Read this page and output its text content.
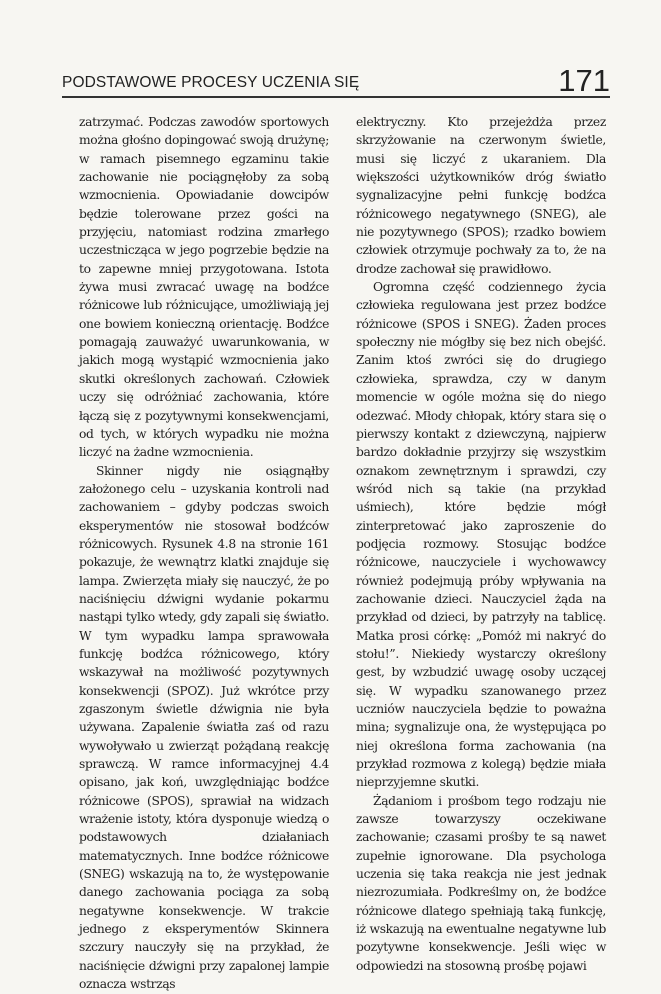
PODSTAWOWE PROCESY UCZENIA SIĘ	171

zatrzymać. Podczas zawodów sportowych można głośno dopingować swoją drużynę; w ramach pisemnego egzaminu takie zachowanie nie pociągnęłoby za sobą wzmocnienia. Opowiadanie dowcipów będzie tolerowane przez gości na przyjęciu, natomiast rodzina zmarłego uczestnicząca w jego pogrzebie będzie na to zapewne mniej przygotowana. Istota żywa musi zwracać uwagę na bodźce różnicowe lub różnicujące, umożliwiają jej one bowiem konieczną orientację. Bodźce pomagają zauważyć uwarunkowania, w jakich mogą wystąpić wzmocnienia jako skutki określonych zachowań. Człowiek uczy się odróżniać zachowania, które łączą się z pozytywnymi konsekwencjami, od tych, w których wypadku nie można liczyć na żadne wzmocnienia.

Skinner nigdy nie osiągnąłby założonego celu – uzyskania kontroli nad zachowaniem – gdyby podczas swoich eksperymentów nie stosował bodźców różnicowych. Rysunek 4.8 na stronie 161 pokazuje, że wewnątrz klatki znajduje się lampa. Zwierzęta miały się nauczyć, że po naciśnięciu dźwigni wydanie pokarmu nastąpi tylko wtedy, gdy zapali się światło. W tym wypadku lampa sprawowała funkcję bodźca różnicowego, który wskazywał na możliwość pozytywnych konsekwencji (SPOZ). Już wkrótce przy zgaszonym świetle dźwignia nie była używana. Zapalenie światła zaś od razu wywoływało u zwierząt pożądaną reakcję sprawczą. W ramce informacyjnej 4.4 opisano, jak koń, uwzględniając bodźce różnicowe (SPOS), sprawiał na widzach wrażenie istoty, która dysponuje wiedzą o podstawowych działaniach matematycznych. Inne bodźce różnicowe (SNEG) wskazują na to, że występowanie danego zachowania pociąga za sobą negatywne konsekwencje. W trakcie jednego z eksperymentów Skinnera szczury nauczyły się na przykład, że naciśnięcie dźwigni przy zapalonej lampie oznacza wstrząs

elektryczny. Kto przejeżdża przez skrzyżowanie na czerwonym świetle, musi się liczyć z ukaraniem. Dla większości użytkowników dróg światło sygnalizacyjne pełni funkcję bodźca różnicowego negatywnego (SNEG), ale nie pozytywnego (SPOS); rzadko bowiem człowiek otrzymuje pochwały za to, że na drodze zachował się prawidłowo.

Ogromna część codziennego życia człowieka regulowana jest przez bodźce różnicowe (SPOS i SNEG). Żaden proces społeczny nie mógłby się bez nich obejść. Zanim ktoś zwróci się do drugiego człowieka, sprawdza, czy w danym momencie w ogóle można się do niego odezwać. Młody chłopak, który stara się o pierwszy kontakt z dziewczyną, najpierw bardzo dokładnie przyjrzy się wszystkim oznakom zewnętrznym i sprawdzi, czy wśród nich są takie (na przykład uśmiech), które będzie mógł zinterpretować jako zaproszenie do podjęcia rozmowy. Stosując bodźce różnicowe, nauczyciele i wychowawcy również podejmują próby wpływania na zachowanie dzieci. Nauczyciel żąda na przykład od dzieci, by patrzyły na tablicę. Matka prosi córkę: „Pomóż mi nakryć do stołu!”. Niekiedy wystarczy określony gest, by wzbudzić uwagę osoby uczącej się. W wypadku szanowanego przez uczniów nauczyciela będzie to poważna mina; sygnalizuje ona, że występująca po niej określona forma zachowania (na przykład rozmowa z kolegą) będzie miała nieprzyjemne skutki.

Żądaniom i prośbom tego rodzaju nie zawsze towarzyszy oczekiwane zachowanie; czasami prośby te są nawet zupełnie ignorowane. Dla psychologa uczenia się taka reakcja nie jest jednak niezrozumiała. Podkreślmy on, że bodźce różnicowe dlatego spełniają taką funkcję, iż wskazują na ewentualne negatywne lub pozytywne konsekwencje. Jeśli więc w odpowiedzi na stosowną prośbę pojawi
